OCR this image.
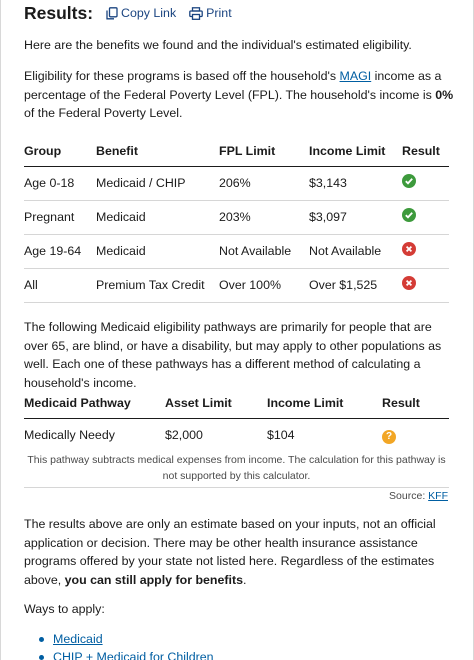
Results: Copy Link Print

Here are the benefits we found and the individual's estimated eligibility.

Eligibility for these programs is based off the household's MAGI income as a percentage of the Federal Poverty Level (FPL). The household's income is 0% of the Federal Poverty Level.

Group	Benefit	FPL Limit	Income Limit	Result
Age 0-18	Medicaid / CHIP	206%	$3,143	
Pregnant	Medicaid	203%	$3,097	
Age 19-64	Medicaid	Not Available	Not Available	
All	Premium Tax Credit	Over 100%	Over $1,525	

The following Medicaid eligibility pathways are primarily for people that are over 65, are blind, or have a disability, but may apply to other populations as well. Each one of these pathways has a different method of calculating a household's income.

Medicaid Pathway	Asset Limit	Income Limit	Result
Medically Needy	$2,000	$104	?

This pathway subtracts medical expenses from income. The calculation for this pathway is not supported by this calculator.

Source: KFF

The results above are only an estimate based on your inputs, not an official application or decision. There may be other health insurance assistance programs offered by your state not listed here. Regardless of the estimates above, you can still apply for benefits.

Ways to apply:

Medicaid
CHIP + Medicaid for Children
